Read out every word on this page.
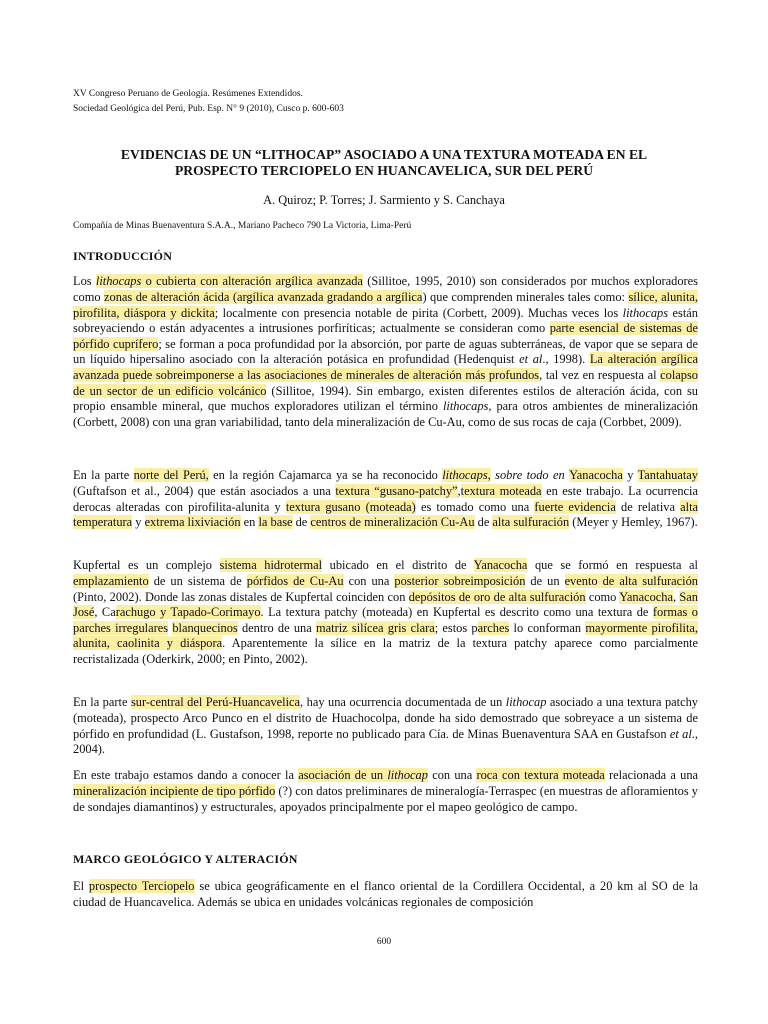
XV Congreso Peruano de Geología. Resúmenes Extendidos.
Sociedad Geológica del Perú, Pub. Esp. N° 9 (2010), Cusco p. 600-603
EVIDENCIAS DE UN “LITHOCAP” ASOCIADO A UNA TEXTURA MOTEADA EN EL
PROSPECTO TERCIOPELO EN HUANCAVELICA, SUR DEL PERÚ
A. Quiroz; P. Torres; J. Sarmiento y S. Canchaya
Compañía de Minas Buenaventura S.A.A., Mariano Pacheco 790 La Victoria, Lima-Perú
INTRODUCCIÓN

Los lithocaps o cubierta con alteración argílica avanzada (Sillitoe, 1995, 2010) son considerados por muchos exploradores como zonas de alteración ácida (argílica avanzada gradando a argílica) que comprenden minerales tales como: sílice, alunita, pirofilita, diáspora y dickita; localmente con presencia notable de pirita (Corbett, 2009). Muchas veces los lithocaps están sobreyaciendo o están adyacentes a intrusiones porfiríticas; actualmente se consideran como parte esencial de sistemas de pórfido cuprífero; se forman a poca profundidad por la absorción, por parte de aguas subterráneas, de vapor que se separa de un líquido hipersalino asociado con la alteración potásica en profundidad (Hedenquist et al., 1998). La alteración argílica avanzada puede sobreimponerse a las asociaciones de minerales de alteración más profundos, tal vez en respuesta al colapso de un sector de un edificio volcánico (Sillitoe, 1994). Sin embargo, existen diferentes estilos de alteración ácida, con su propio ensamble mineral, que muchos exploradores utilizan el término lithocaps, para otros ambientes de mineralización (Corbett, 2008) con una gran variabilidad, tanto dela mineralización de Cu-Au, como de sus rocas de caja (Corbbet, 2009).

En la parte norte del Perú, en la región Cajamarca ya se ha reconocido lithocaps, sobre todo en Yanacocha y Tantahuatay (Guftafson et al., 2004) que están asociados a una textura “gusano-patchy”,textura moteada en este trabajo. La ocurrencia derocas alteradas con pirofilita-alunita y textura gusano (moteada) es tomado como una fuerte evidencia de relativa alta temperatura y extrema lixiviación en la base de centros de mineralización Cu-Au de alta sulfuración (Meyer y Hemley, 1967).

Kupfertal es un complejo sistema hidrotermal ubicado en el distrito de Yanacocha que se formó en respuesta al emplazamiento de un sistema de pórfidos de Cu-Au con una posterior sobreimposición de un evento de alta sulfuración (Pinto, 2002). Donde las zonas distales de Kupfertal coinciden con depósitos de oro de alta sulfuración como Yanacocha, San José, Carachugo y Tapado-Corimayo. La textura patchy (moteada) en Kupfertal es descrito como una textura de formas o parches irregulares blanquecinos dentro de una matriz silícea gris clara; estos parches lo conforman mayormente pirofilita, alunita, caolinita y diáspora. Aparentemente la sílice en la matriz de la textura patchy aparece como parcialmente recristalizada (Oderkirk, 2000; en Pinto, 2002).

En la parte sur-central del Perú-Huancavelica, hay una ocurrencia documentada de un lithocap asociado a una textura patchy (moteada), prospecto Arco Punco en el distrito de Huachocolpa, donde ha sido demostrado que sobreyace a un sistema de pórfido en profundidad (L. Gustafson, 1998, reporte no publicado para Cía. de Minas Buenaventura SAA en Gustafson et al., 2004).

En este trabajo estamos dando a conocer la asociación de un lithocap con una roca con textura moteada relacionada a una mineralización incipiente de tipo pórfido (?) con datos preliminares de mineralogía-Terraspec (en muestras de afloramientos y de sondajes diamantinos) y estructurales, apoyados principalmente por el mapeo geológico de campo.

MARCO GEOLÓGICO Y ALTERACIÓN

El prospecto Terciopelo se ubica geográficamente en el flanco oriental de la Cordillera Occidental, a 20 km al SO de la ciudad de Huancavelica. Además se ubica en unidades volcánicas regionales de composición

600
